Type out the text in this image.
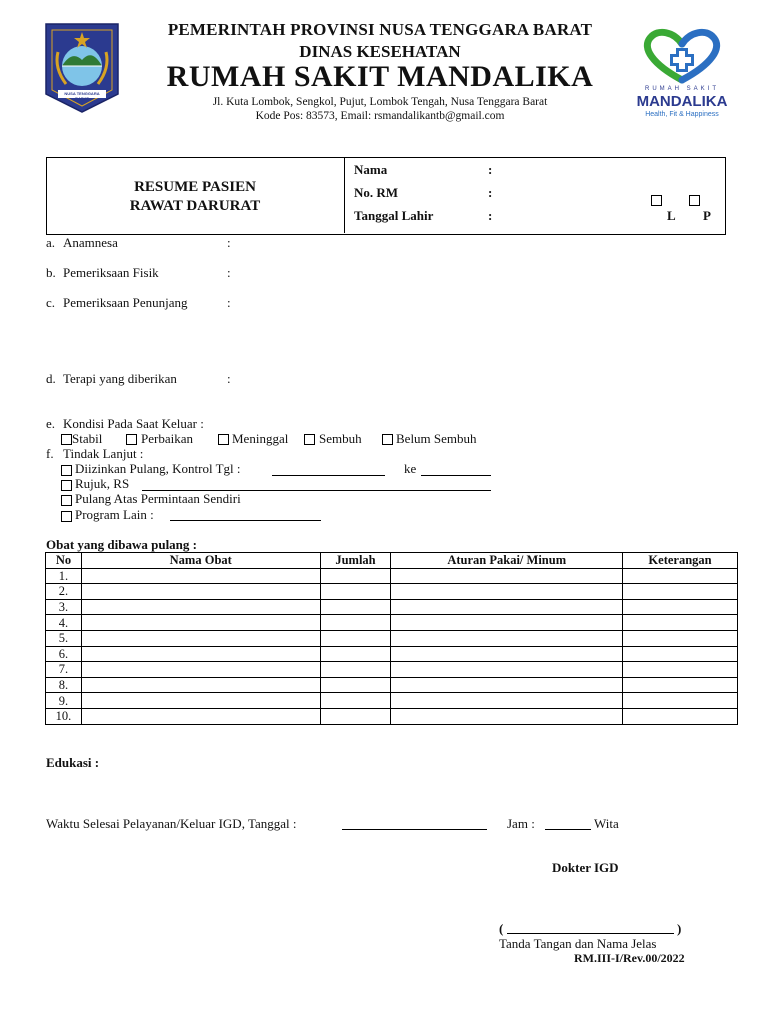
NUSA TENGGARA BARAT
PEMERINTAH PROVINSI NUSA TENGGARA BARAT
DINAS KESEHATAN
RUMAH SAKIT MANDALIKA
Jl. Kuta Lombok, Sengkol, Pujut, Lombok Tengah, Nusa Tenggara Barat
Kode Pos: 83573, Email: rsmandalikantb@gmail.com
RUMAH SAKIT
MANDALIKA
Health, Fit & Happiness
RESUME PASIEN
RAWAT DARURAT
Nama	:
No. RM	:
Tanggal Lahir	:	L P
a. Anamnesa	:
b. Pemeriksaan Fisik	:
c. Pemeriksaan Penunjang	:
d. Terapi yang diberikan	:
e. Kondisi Pada Saat Keluar :
Stabil	Perbaikan	Meninggal Sembuh	Belum Sembuh
f. Tindak Lanjut :
Diizinkan Pulang, Kontrol Tgl :	ke
Rujuk, RS
Pulang Atas Permintaan Sendiri
Program Lain :
Obat yang dibawa pulang :
No	Nama Obat	Jumlah	Aturan Pakai/ Minum	Keterangan
1.				
2.				
3.				
4.				
5.				
6.				
7.				
8.				
9.				
10.				
Edukasi :
Waktu Selesai Pelayanan/Keluar IGD, Tanggal :	Jam :	Wita
Dokter IGD
(	)
Tanda Tangan dan Nama Jelas
RM.III-I/Rev.00/2022
